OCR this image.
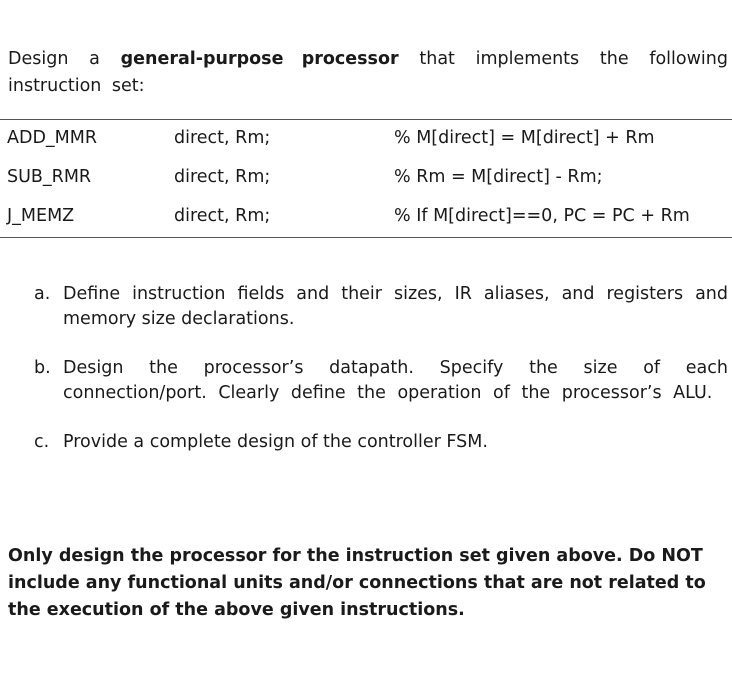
Design a general-purpose processor that implements the following instruction set:

ADD_MMR	direct, Rm;	% M[direct] = M[direct] + Rm
SUB_RMR	direct, Rm;	% Rm = M[direct] - Rm;
J_MEMZ	direct, Rm;	% If M[direct]==0, PC = PC + Rm
a. Define instruction fields and their sizes, IR aliases, and registers and memory size declarations.
b. Design the processor’s datapath. Specify the size of each connection/port. Clearly define the operation of the processor’s ALU.
c. Provide a complete design of the controller FSM.

Only design the processor for the instruction set given above. Do NOT include any functional units and/or connections that are not related to the execution of the above given instructions.
